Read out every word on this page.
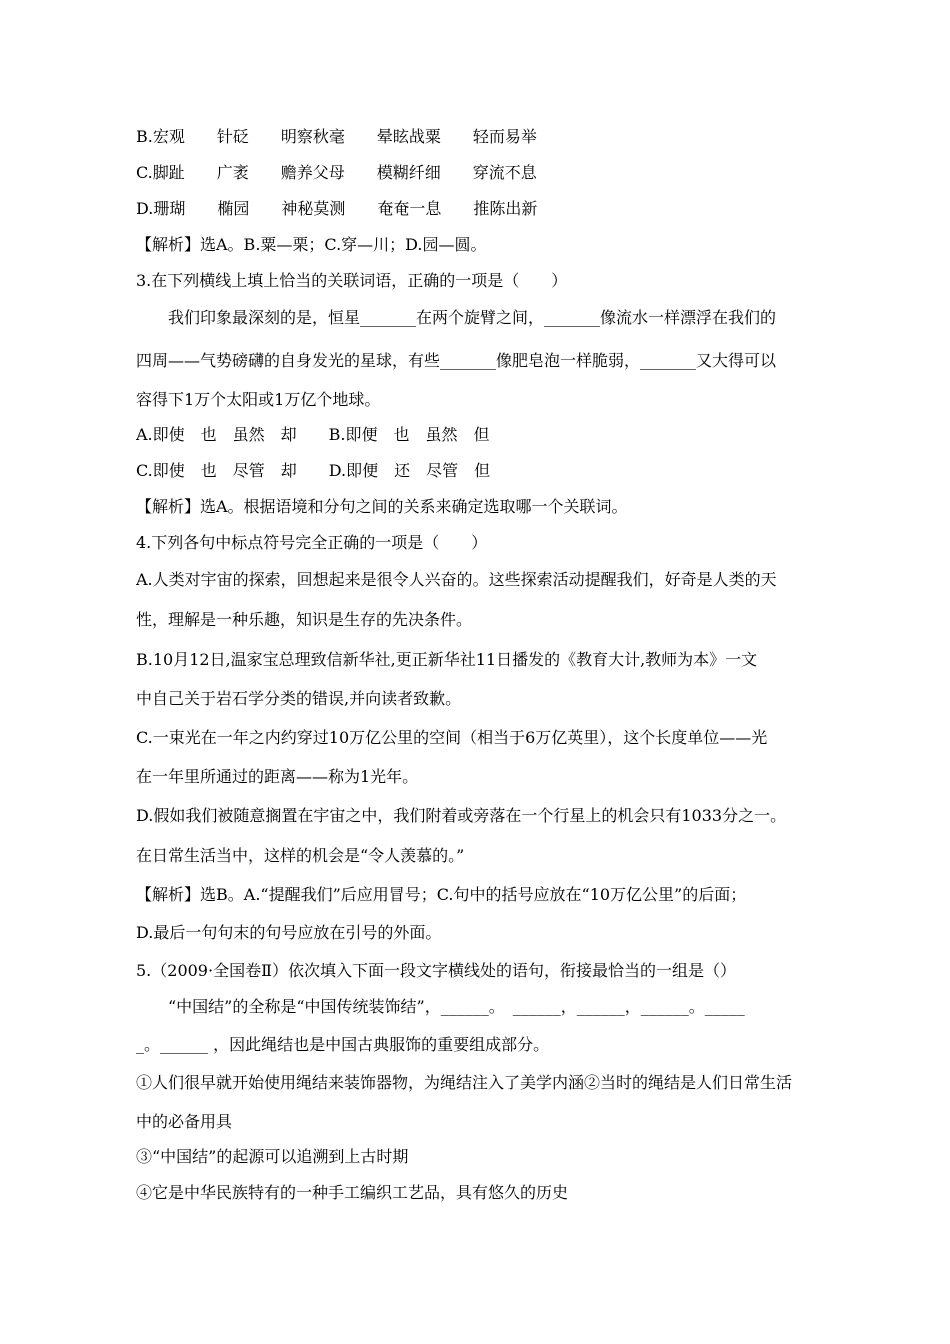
B.宏观　　针砭　　明察秋毫　　晕眩战粟　　轻而易举
C.脚趾　　广袤　　赡养父母　　模糊纤细　　穿流不息
D.珊瑚　　椭园　　神秘莫测　　奄奄一息　　推陈出新
【解析】选A。B.粟—栗；C.穿—川；D.园—圆。
3.在下列横线上填上恰当的关联词语，正确的一项是（　　）
我们印象最深刻的是，恒星_______在两个旋臂之间，_______像流水一样漂浮在我们的
四周——气势磅礴的自身发光的星球，有些_______像肥皂泡一样脆弱，_______又大得可以
容得下1万个太阳或1万亿个地球。
A.即使　也　虽然　却　　B.即便　也　虽然　但
C.即使　也　尽管　却　　D.即便　还　尽管　但
【解析】选A。根据语境和分句之间的关系来确定选取哪一个关联词。
4.下列各句中标点符号完全正确的一项是（　　）
A.人类对宇宙的探索，回想起来是很令人兴奋的。这些探索活动提醒我们，好奇是人类的天
性，理解是一种乐趣，知识是生存的先决条件。
B.10月12日,温家宝总理致信新华社,更正新华社11日播发的《教育大计,教师为本》一文
中自己关于岩石学分类的错误,并向读者致歉。
C.一束光在一年之内约穿过10万亿公里的空间（相当于6万亿英里），这个长度单位——光
在一年里所通过的距离——称为1光年。
D.假如我们被随意搁置在宇宙之中，我们附着或旁落在一个行星上的机会只有1033分之一。
在日常生活当中，这样的机会是“令人羡慕的。”
【解析】选B。A.“提醒我们”后应用冒号；C.句中的括号应放在“10万亿公里”的后面；
D.最后一句句末的句号应放在引号的外面。
5.（2009·全国卷Ⅱ）依次填入下面一段文字横线处的语句，衔接最恰当的一组是（）
“中国结”的全称是“中国传统装饰结”，______。　______，______，______。_____
_。______ ，因此绳结也是中国古典服饰的重要组成部分。
①人们很早就开始使用绳结来装饰器物，为绳结注入了美学内涵②当时的绳结是人们日常生活
中的必备用具
③“中国结”的起源可以追溯到上古时期
④它是中华民族特有的一种手工编织工艺品，具有悠久的历史
